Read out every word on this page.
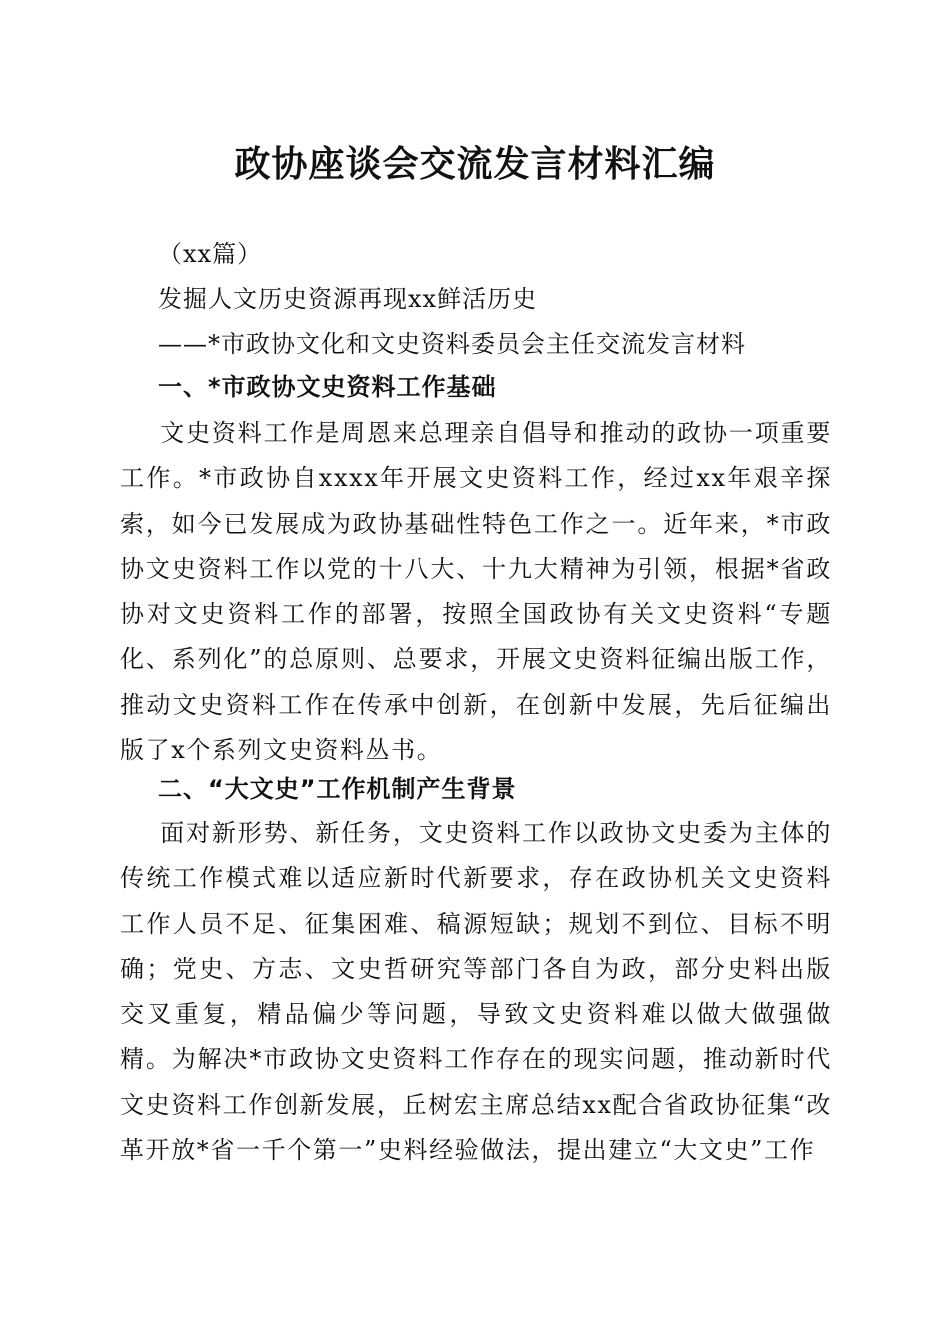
政协座谈会交流发言材料汇编
（xx篇）
发掘人文历史资源再现xx鲜活历史
——*市政协文化和文史资料委员会主任交流发言材料
一、*市政协文史资料工作基础

文史资料工作是周恩来总理亲自倡导和推动的政协一项重要工作。*市政协自xxxx年开展文史资料工作，经过xx年艰辛探索，如今已发展成为政协基础性特色工作之一。近年来，*市政协文史资料工作以党的十八大、十九大精神为引领，根据*省政协对文史资料工作的部署，按照全国政协有关文史资料“专题化、系列化”的总原则、总要求，开展文史资料征编出版工作，推动文史资料工作在传承中创新，在创新中发展，先后征编出版了x个系列文史资料丛书。

二、“大文史”工作机制产生背景

面对新形势、新任务，文史资料工作以政协文史委为主体的传统工作模式难以适应新时代新要求，存在政协机关文史资料工作人员不足、征集困难、稿源短缺；规划不到位、目标不明确；党史、方志、文史哲研究等部门各自为政，部分史料出版交叉重复，精品偏少等问题，导致文史资料难以做大做强做精。为解决*市政协文史资料工作存在的现实问题，推动新时代文史资料工作创新发展，丘树宏主席总结xx配合省政协征集“改革开放*省一千个第一”史料经验做法，提出建立“大文史”工作
